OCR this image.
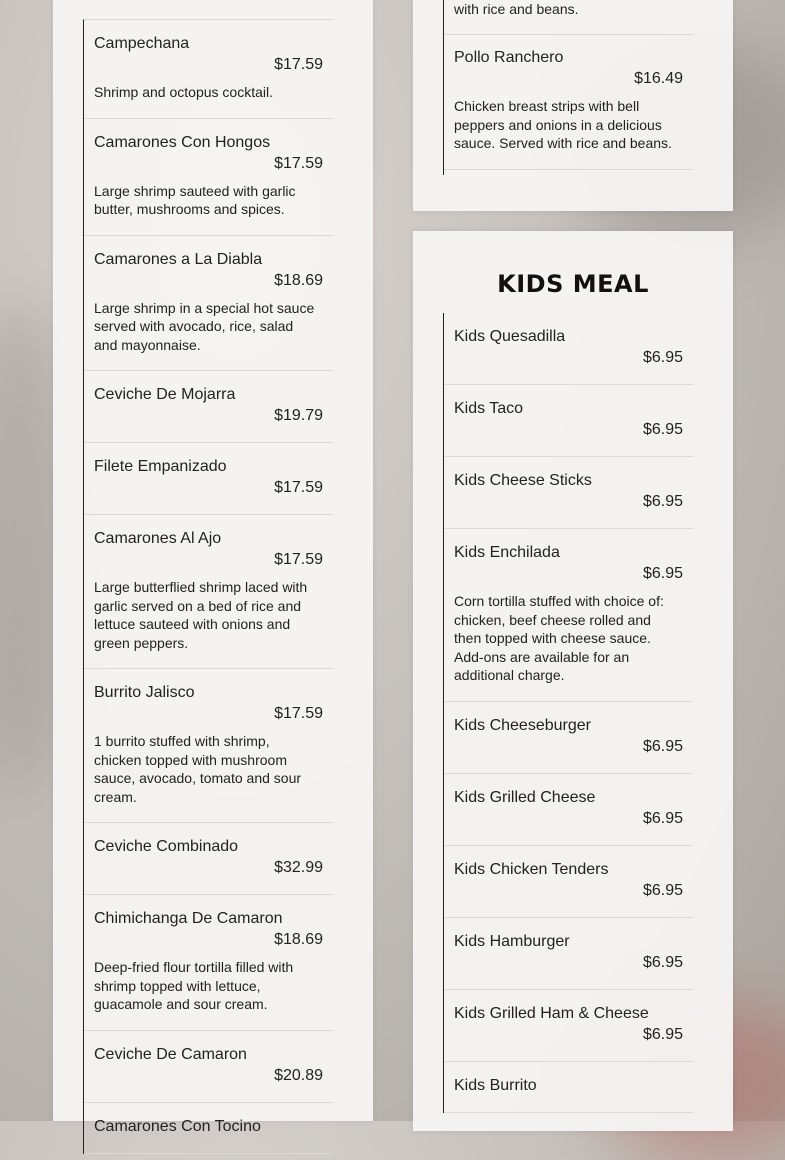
Campechana
$17.59
Shrimp and octopus cocktail.
Camarones Con Hongos
$17.59
Large shrimp sauteed with garlic butter, mushrooms and spices.
Camarones a La Diabla
$18.69
Large shrimp in a special hot sauce served with avocado, rice, salad and mayonnaise.
Ceviche De Mojarra
$19.79
Filete Empanizado
$17.59
Camarones Al Ajo
$17.59
Large butterflied shrimp laced with garlic served on a bed of rice and lettuce sauteed with onions and green peppers.
Burrito Jalisco
$17.59
1 burrito stuffed with shrimp, chicken topped with mushroom sauce, avocado, tomato and sour cream.
Ceviche Combinado
$32.99
Chimichanga De Camaron
$18.69
Deep-fried flour tortilla filled with shrimp topped with lettuce, guacamole and sour cream.
Ceviche De Camaron
$20.89
Camarones Con Tocino
with rice and beans.
Pollo Ranchero
$16.49
Chicken breast strips with bell peppers and onions in a delicious sauce. Served with rice and beans.
KIDS MEAL
Kids Quesadilla
$6.95
Kids Taco
$6.95
Kids Cheese Sticks
$6.95
Kids Enchilada
$6.95
Corn tortilla stuffed with choice of: chicken, beef cheese rolled and then topped with cheese sauce. Add-ons are available for an additional charge.
Kids Cheeseburger
$6.95
Kids Grilled Cheese
$6.95
Kids Chicken Tenders
$6.95
Kids Hamburger
$6.95
Kids Grilled Ham & Cheese
$6.95
Kids Burrito
